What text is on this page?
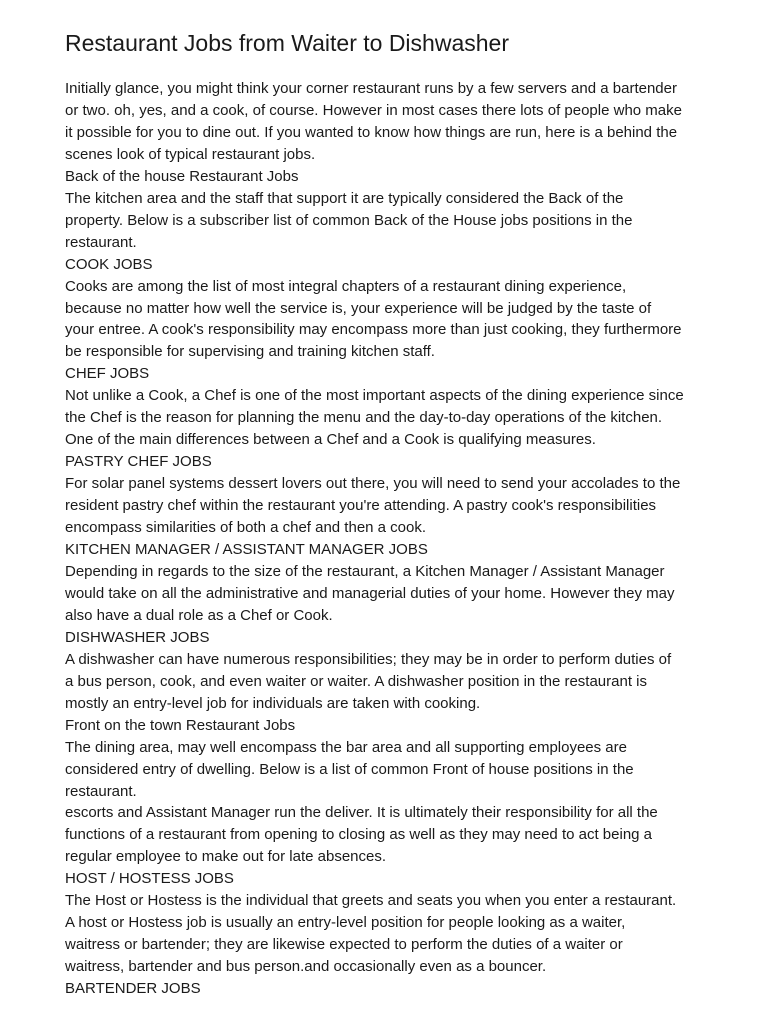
Restaurant Jobs from Waiter to Dishwasher
Initially glance, you might think your corner restaurant runs by a few servers and a bartender
or two. oh, yes, and a cook, of course. However in most cases there lots of people who make
it possible for you to dine out. If you wanted to know how things are run, here is a behind the
scenes look of typical restaurant jobs.
Back of the house Restaurant Jobs
The kitchen area and the staff that support it are typically considered the Back of the
property. Below is a subscriber list of common Back of the House jobs positions in the
restaurant.
COOK JOBS
Cooks are among the list of most integral chapters of a restaurant dining experience,
because no matter how well the service is, your experience will be judged by the taste of
your entree. A cook's responsibility may encompass more than just cooking, they furthermore
be responsible for supervising and training kitchen staff.
CHEF JOBS
Not unlike a Cook, a Chef is one of the most important aspects of the dining experience since
the Chef is the reason for planning the menu and the day-to-day operations of the kitchen.
One of the main differences between a Chef and a Cook is qualifying measures.
PASTRY CHEF JOBS
For solar panel systems dessert lovers out there, you will need to send your accolades to the
resident pastry chef within the restaurant you're attending. A pastry cook's responsibilities
encompass similarities of both a chef and then a cook.
KITCHEN MANAGER / ASSISTANT MANAGER JOBS
Depending in regards to the size of the restaurant, a Kitchen Manager / Assistant Manager
would take on all the administrative and managerial duties of your home. However they may
also have a dual role as a Chef or Cook.
DISHWASHER JOBS
A dishwasher can have numerous responsibilities; they may be in order to perform duties of
a bus person, cook, and even waiter or waiter. A dishwasher position in the restaurant is
mostly an entry-level job for individuals are taken with cooking.
Front on the town Restaurant Jobs
The dining area, may well encompass the bar area and all supporting employees are
considered entry of dwelling. Below is a list of common Front of house positions in the
restaurant.
escorts and Assistant Manager run the deliver. It is ultimately their responsibility for all the
functions of a restaurant from opening to closing as well as they may need to act being a
regular employee to make out for late absences.
HOST / HOSTESS JOBS
The Host or Hostess is the individual that greets and seats you when you enter a restaurant.
A host or Hostess job is usually an entry-level position for people looking as a waiter,
waitress or bartender; they are likewise expected to perform the duties of a waiter or
waitress, bartender and bus person.and occasionally even as a bouncer.
BARTENDER JOBS
